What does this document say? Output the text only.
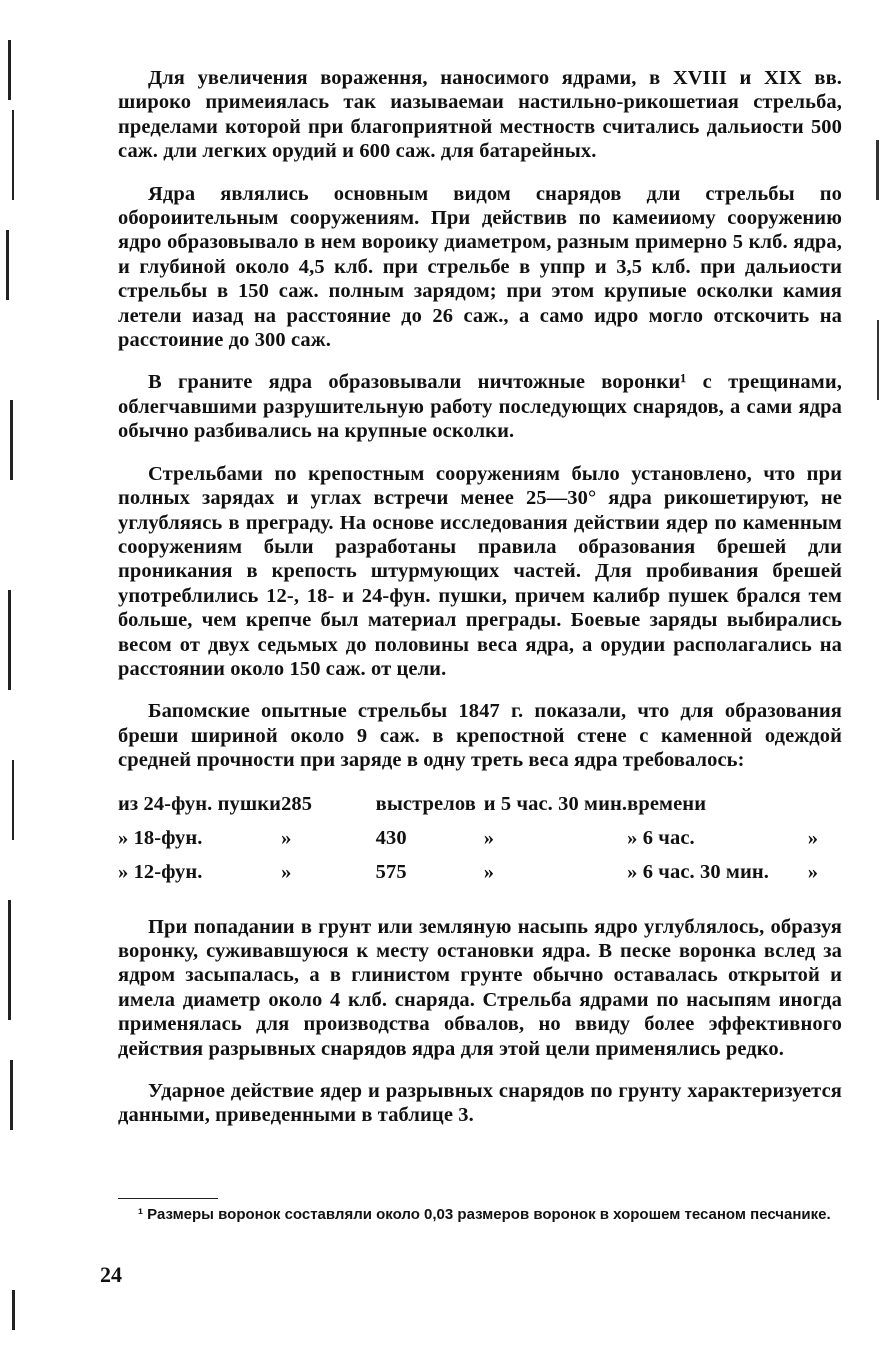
Для увеличения вораження, наносимого ядрами, в XVIII и XIX вв. широко примеиялась так иазываемаи настильно-рикошетиая стрельба, пределами которой при благоприятной местноств считались дальиости 500 саж. дли легких орудий и 600 саж. для батарейных.

Ядра являлись основным видом снарядов дли стрельбы по обороиительным сооружениям. При действив по камеииому сооружению ядро образовывало в нем вороику диаметром, разным примерно 5 клб. ядра, и глубиной около 4,5 клб. при стрельбе в уппр и 3,5 клб. при дальиости стрельбы в 150 саж. полным зарядом; при этом крупиые осколки камия летели иазад на расстояние до 26 саж., а само идро могло отскочить на расстоиние до 300 саж.

В граните ядра образовывали ничтожные воронки¹ с трещинами, облегчавшими разрушительную работу последующих снарядов, а сами ядра обычно разбивались на крупные осколки.

Стрельбами по крепостным сооружениям было установлено, что при полных зарядах и углах встречи менее 25—30° ядра рикошетируют, не углубляясь в преграду. На основе исследования действии ядер по каменным сооружениям были разработаны правила образования брешей дли проникания в крепость штурмующих частей. Для пробивания брешей употреблились 12-, 18- и 24-фун. пушки, причем калибр пушек брался тем больше, чем крепче был материал преграды. Боевые заряды выбирались весом от двух седьмых до половины веса ядра, а орудии располагались на расстоянии около 150 саж. от цели.

Бапомские опытные стрельбы 1847 г. показали, что для образования бреши шириной около 9 саж. в крепостной стене с каменной одеждой средней прочности при заряде в одну треть веса ядра требовалось:

из 24-фун. пушки	285	выстрелов	и 5 час. 30 мин.	времени	
» 18-фун.	»	430	»	» 6 час.	»
» 12-фун.	»	575	»	» 6 час. 30 мин.	»

При попадании в грунт или земляную насыпь ядро углублялось, образуя воронку, суживавшуюся к месту остановки ядра. В песке воронка вслед за ядром засыпалась, а в глинистом грунте обычно оставалась открытой и имела диаметр около 4 клб. снаряда. Стрельба ядрами по насыпям иногда применялась для производства обвалов, но ввиду более эффективного действия разрывных снарядов ядра для этой цели применялись редко.

Ударное действие ядер и разрывных снарядов по грунту характеризуется данными, приведенными в таблице 3.

¹ Размеры воронок составляли около 0,03 размеров воронок в хорошем тесаном песчанике.
24
